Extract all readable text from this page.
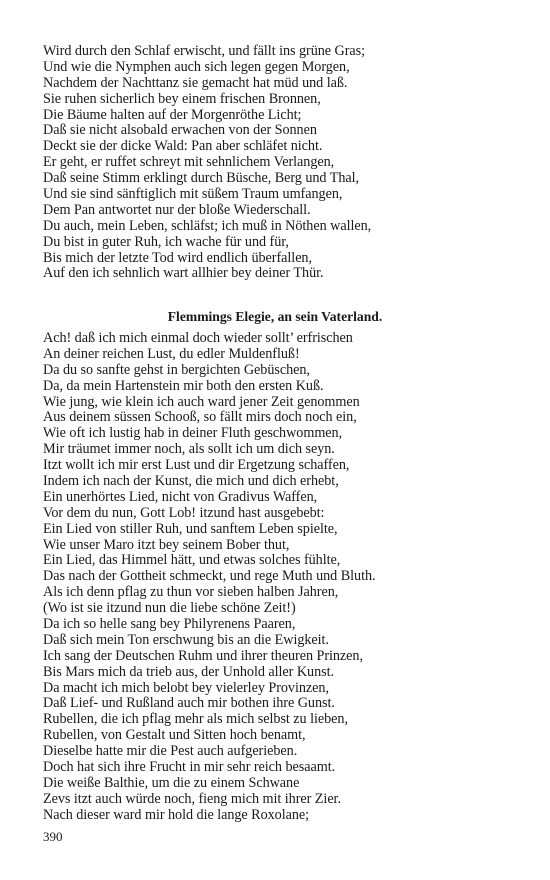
Wird durch den Schlaf erwischt, und fällt ins grüne Gras;
Und wie die Nymphen auch sich legen gegen Morgen,
Nachdem der Nachttanz sie gemacht hat müd und laß.
Sie ruhen sicherlich bey einem frischen Bronnen,
Die Bäume halten auf der Morgenröthe Licht;
Daß sie nicht alsobald erwachen von der Sonnen
Deckt sie der dicke Wald: Pan aber schläfet nicht.
Er geht, er ruffet schreyt mit sehnlichem Verlangen,
Daß seine Stimm erklingt durch Büsche, Berg und Thal,
Und sie sind sänftiglich mit süßem Traum umfangen,
Dem Pan antwortet nur der bloße Wiederschall.
Du auch, mein Leben, schläfst; ich muß in Nöthen wallen,
Du bist in guter Ruh, ich wache für und für,
Bis mich der letzte Tod wird endlich überfallen,
Auf den ich sehnlich wart allhier bey deiner Thür.
Flemmings Elegie, an sein Vaterland.
Ach! daß ich mich einmal doch wieder sollt’ erfrischen
An deiner reichen Lust, du edler Muldenfluß!
Da du so sanfte gehst in bergichten Gebüschen,
Da, da mein Hartenstein mir both den ersten Kuß.
Wie jung, wie klein ich auch ward jener Zeit genommen
Aus deinem süssen Schooß, so fällt mirs doch noch ein,
Wie oft ich lustig hab in deiner Fluth geschwommen,
Mir träumet immer noch, als sollt ich um dich seyn.
Itzt wollt ich mir erst Lust und dir Ergetzung schaffen,
Indem ich nach der Kunst, die mich und dich erhebt,
Ein unerhörtes Lied, nicht von Gradivus Waffen,
Vor dem du nun, Gott Lob! itzund hast ausgebebt:
Ein Lied von stiller Ruh, und sanftem Leben spielte,
Wie unser Maro itzt bey seinem Bober thut,
Ein Lied, das Himmel hätt, und etwas solches fühlte,
Das nach der Gottheit schmeckt, und rege Muth und Bluth.
Als ich denn pflag zu thun vor sieben halben Jahren,
(Wo ist sie itzund nun die liebe schöne Zeit!)
Da ich so helle sang bey Philyrenens Paaren,
Daß sich mein Ton erschwung bis an die Ewigkeit.
Ich sang der Deutschen Ruhm und ihrer theuren Prinzen,
Bis Mars mich da trieb aus, der Unhold aller Kunst.
Da macht ich mich belobt bey vielerley Provinzen,
Daß Lief- und Rußland auch mir bothen ihre Gunst.
Rubellen, die ich pflag mehr als mich selbst zu lieben,
Rubellen, von Gestalt und Sitten hoch benamt,
Dieselbe hatte mir die Pest auch aufgerieben.
Doch hat sich ihre Frucht in mir sehr reich besaamt.
Die weiße Balthie, um die zu einem Schwane
Zevs itzt auch würde noch, fieng mich mit ihrer Zier.
Nach dieser ward mir hold die lange Roxolane;
390
